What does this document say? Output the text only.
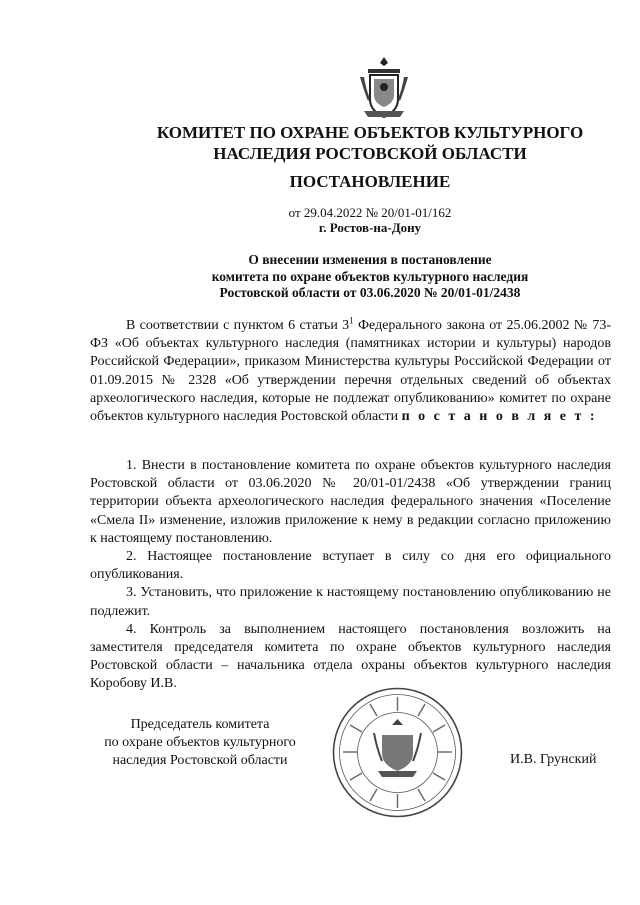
КОМИТЕТ ПО ОХРАНЕ ОБЪЕКТОВ КУЛЬТУРНОГО
НАСЛЕДИЯ РОСТОВСКОЙ ОБЛАСТИ
ПОСТАНОВЛЕНИЕ
от 29.04.2022 № 20/01-01/162
г. Ростов-на-Дону
О внесении изменения в постановление
комитета по охране объектов культурного наследия
Ростовской области от 03.06.2020 № 20/01-01/2438
В соответствии с пунктом 6 статьи $3^1$ Федерального закона от 25.06.2002 № 73-ФЗ «Об объектах культурного наследия (памятниках истории и культуры) народов Российской Федерации», приказом Министерства культуры Российской Федерации от 01.09.2015 № 2328 «Об утверждении перечня отдельных сведений об объектах археологического наследия, которые не подлежат опубликованию» комитет по охране объектов культурного наследия Ростовской области п о с т а н о в л я е т :

1. Внести в постановление комитета по охране объектов культурного наследия Ростовской области от 03.06.2020 № 20/01-01/2438 «Об утверждении границ территории объекта археологического наследия федерального значения «Поселение «Смела II» изменение, изложив приложение к нему в редакции согласно приложению к настоящему постановлению.

2. Настоящее постановление вступает в силу со дня его официального опубликования.

3. Установить, что приложение к настоящему постановлению опубликованию не подлежит.

4. Контроль за выполнением настоящего постановления возложить на заместителя председателя комитета по охране объектов культурного наследия Ростовской области – начальника отдела охраны объектов культурного наследия Коробову И.В.

Председатель комитета
по охране объектов культурного
наследия Ростовской области	И.В. Грунский
